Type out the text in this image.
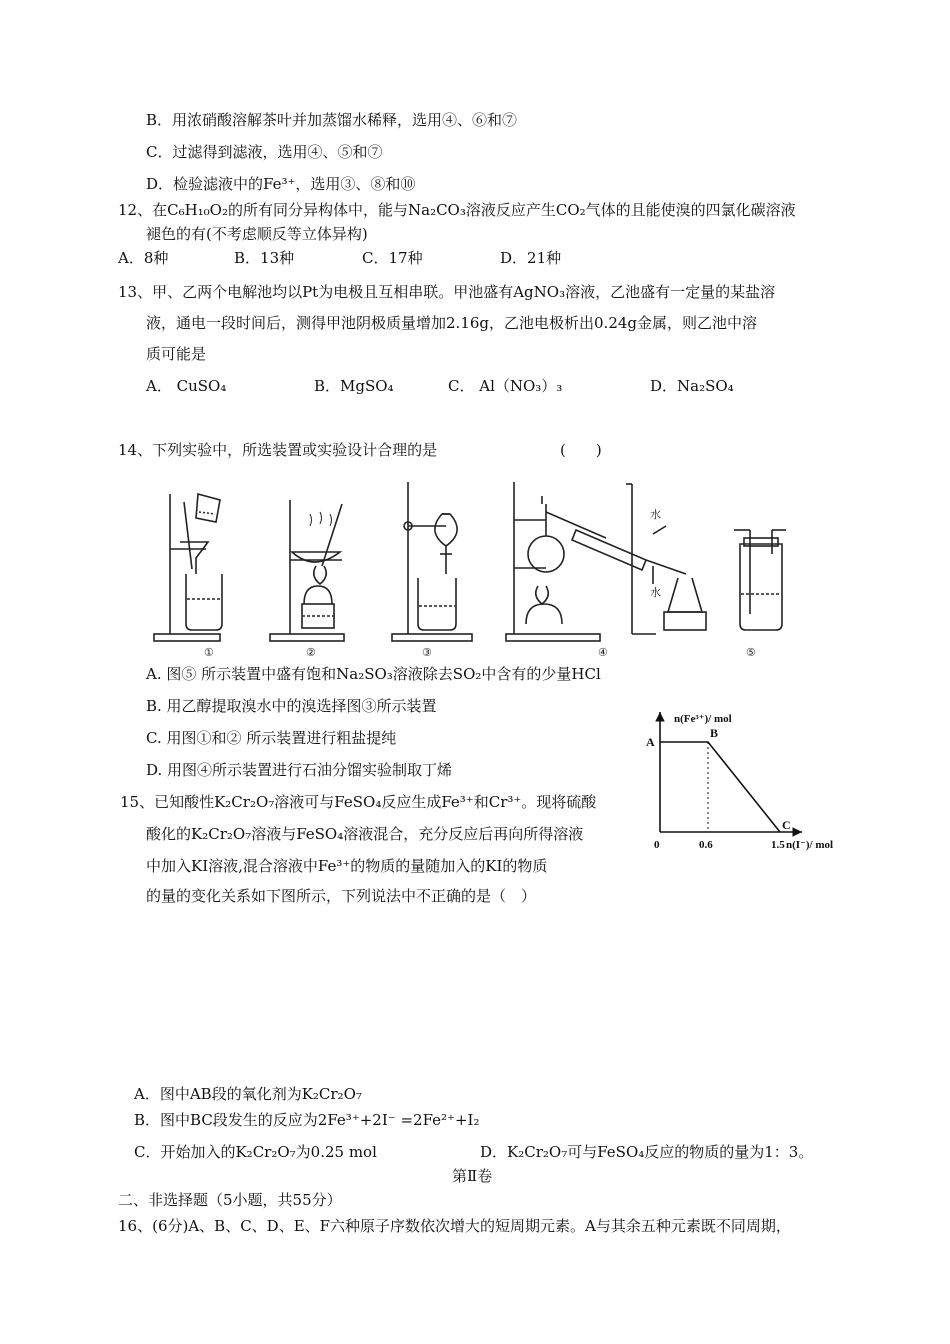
B．用浓硝酸溶解茶叶并加蒸馏水稀释，选用④、⑥和⑦
C．过滤得到滤液，选用④、⑤和⑦
D．检验滤液中的Fe³⁺，选用③、⑧和⑩
12、在C₆H₁₀O₂的所有同分异构体中，能与Na₂CO₃溶液反应产生CO₂气体的且能使溴的四氯化碳溶液
褪色的有(不考虑顺反等立体异构)
A．8种	B．13种	C．17种	D．21种
13、甲、乙两个电解池均以Pt为电极且互相串联。甲池盛有AgNO₃溶液，乙池盛有一定量的某盐溶
液，通电一段时间后，测得甲池阴极质量增加2.16g，乙池电极析出0.24g金属，则乙池中溶
质可能是
A． CuSO₄	B．MgSO₄	C． Al（NO₃）₃	D．Na₂SO₄
14、下列实验中，所选装置或实验设计合理的是	(　　)
水
水
①	②	③	④	⑤
A. 图⑤ 所示装置中盛有饱和Na₂SO₃溶液除去SO₂中含有的少量HCl
B. 用乙醇提取溴水中的溴选择图③所示装置
C. 用图①和② 所示装置进行粗盐提纯
D. 用图④所示装置进行石油分馏实验制取丁烯
15、已知酸性K₂Cr₂O₇溶液可与FeSO₄反应生成Fe³⁺和Cr³⁺。现将硫酸
酸化的K₂Cr₂O₇溶液与FeSO₄溶液混合，充分反应后再向所得溶液
中加入KI溶液,混合溶液中Fe³⁺的物质的量随加入的KI的物质
的量的变化关系如下图所示，下列说法中不正确的是（　）
n(Fe³⁺)/ mol
n(I⁻)/ mol
A
B
C
0	0.6	1.5
A．图中AB段的氧化剂为K₂Cr₂O₇
B．图中BC段发生的反应为2Fe³⁺+2I⁻ =2Fe²⁺+I₂
C．开始加入的K₂Cr₂O₇为0.25 mol	D．K₂Cr₂O₇可与FeSO₄反应的物质的量为1：3。
第Ⅱ卷
二、非选择题（5小题，共55分）
16、(6分)A、B、C、D、E、F六种原子序数依次增大的短周期元素。A与其余五种元素既不同周期，
